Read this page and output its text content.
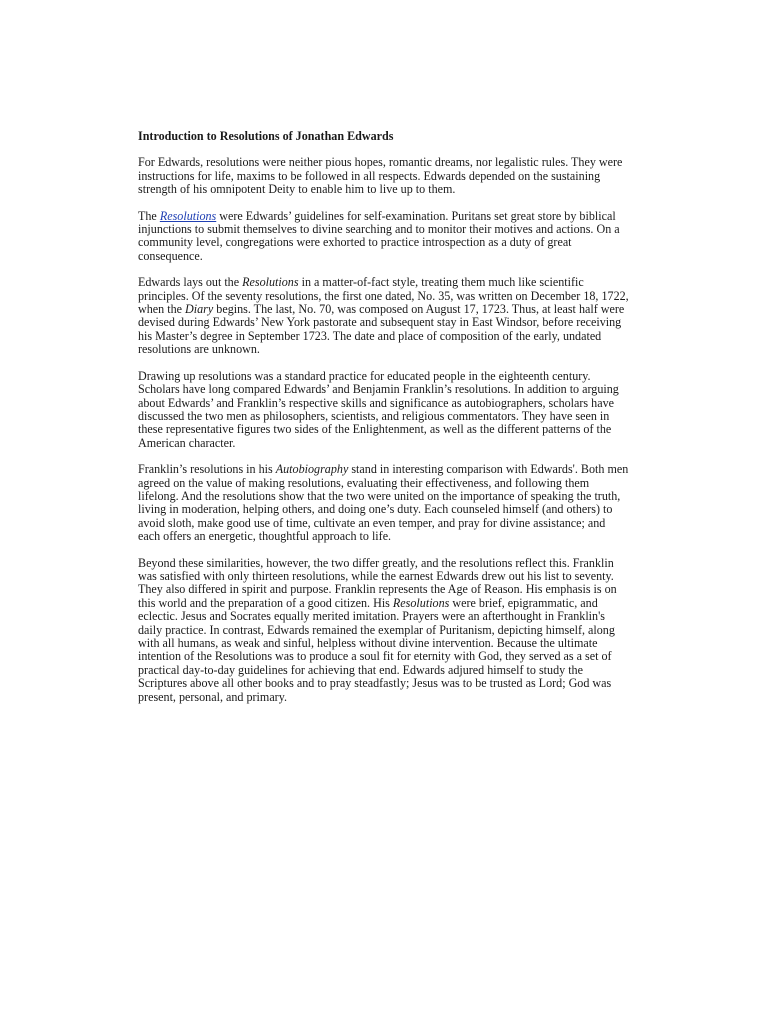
Introduction to Resolutions of Jonathan Edwards

For Edwards, resolutions were neither pious hopes, romantic dreams, nor legalistic rules. They were instructions for life, maxims to be followed in all respects. Edwards depended on the sustaining strength of his omnipotent Deity to enable him to live up to them.

The Resolutions were Edwards’ guidelines for self-examination. Puritans set great store by biblical injunctions to submit themselves to divine searching and to monitor their motives and actions. On a community level, congregations were exhorted to practice introspection as a duty of great consequence.

Edwards lays out the Resolutions in a matter-of-fact style, treating them much like scientific principles. Of the seventy resolutions, the first one dated, No. 35, was written on December 18, 1722, when the Diary begins. The last, No. 70, was composed on August 17, 1723. Thus, at least half were devised during Edwards’ New York pastorate and subsequent stay in East Windsor, before receiving his Master’s degree in September 1723. The date and place of composition of the early, undated resolutions are unknown.

Drawing up resolutions was a standard practice for educated people in the eighteenth century. Scholars have long compared Edwards’ and Benjamin Franklin’s resolutions. In addition to arguing about Edwards’ and Franklin’s respective skills and significance as autobiographers, scholars have discussed the two men as philosophers, scientists, and religious commentators. They have seen in these representative figures two sides of the Enlightenment, as well as the different patterns of the American character.

Franklin’s resolutions in his Autobiography stand in interesting comparison with Edwards'. Both men agreed on the value of making resolutions, evaluating their effectiveness, and following them lifelong. And the resolutions show that the two were united on the importance of speaking the truth, living in moderation, helping others, and doing one’s duty. Each counseled himself (and others) to avoid sloth, make good use of time, cultivate an even temper, and pray for divine assistance; and each offers an energetic, thoughtful approach to life.

Beyond these similarities, however, the two differ greatly, and the resolutions reflect this. Franklin was satisfied with only thirteen resolutions, while the earnest Edwards drew out his list to seventy. They also differed in spirit and purpose. Franklin represents the Age of Reason. His emphasis is on this world and the preparation of a good citizen. His Resolutions were brief, epigrammatic, and eclectic. Jesus and Socrates equally merited imitation. Prayers were an afterthought in Franklin's daily practice. In contrast, Edwards remained the exemplar of Puritanism, depicting himself, along with all humans, as weak and sinful, helpless without divine intervention. Because the ultimate intention of the Resolutions was to produce a soul fit for eternity with God, they served as a set of practical day-to-day guidelines for achieving that end. Edwards adjured himself to study the Scriptures above all other books and to pray steadfastly; Jesus was to be trusted as Lord; God was present, personal, and primary.
